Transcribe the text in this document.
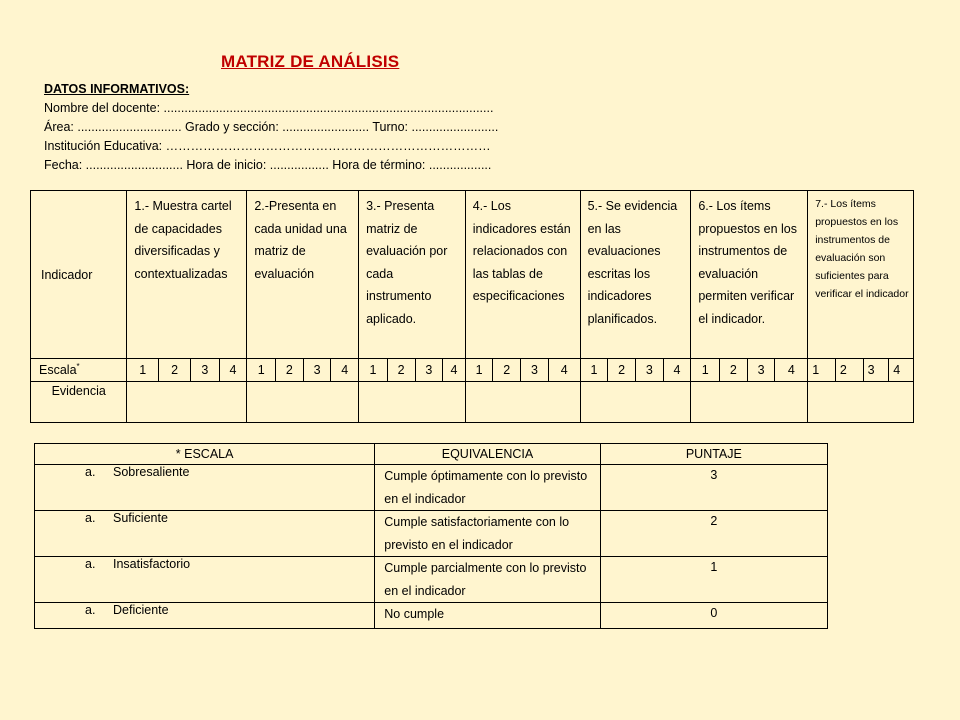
MATRIZ DE ANÁLISIS
DATOS INFORMATIVOS:
Nombre del docente: ...............................................................................................
Área: .............................. Grado y sección: ......................... Turno: .........................
Institución Educativa: ……………………………………………………………………
Fecha: ............................ Hora de inicio: ................. Hora de término: ..................
Indicador	1.- Muestra cartel de capacidades diversificadas y contextualizadas				2.-Presenta en cada unidad una matriz de evaluación				3.- Presenta matriz de evaluación por cada instrumento aplicado.				4.- Los indicadores están relacionados con las tablas de especificaciones				5.- Se evidencia en las evaluaciones escritas los indicadores planificados.				6.- Los ítems propuestos en los instrumentos de evaluación permiten verificar el indicador.				7.- Los ítems propuestos en los instrumentos de evaluación son suficientes para verificar el indicador			
Escala*	1	2	3	4	1	2	3	4	1	2	3	4	1	2	3	4	1	2	3	4	1	2	3	4	1	2	3	4
Evidencia																												
* ESCALA	EQUIVALENCIA	PUNTAJE
a. Sobresaliente	Cumple óptimamente con lo previsto en el indicador	3
a. Suficiente	Cumple satisfactoriamente con lo previsto en el indicador	2
a. Insatisfactorio	Cumple parcialmente con lo previsto en el indicador	1
a. Deficiente	No cumple	0
